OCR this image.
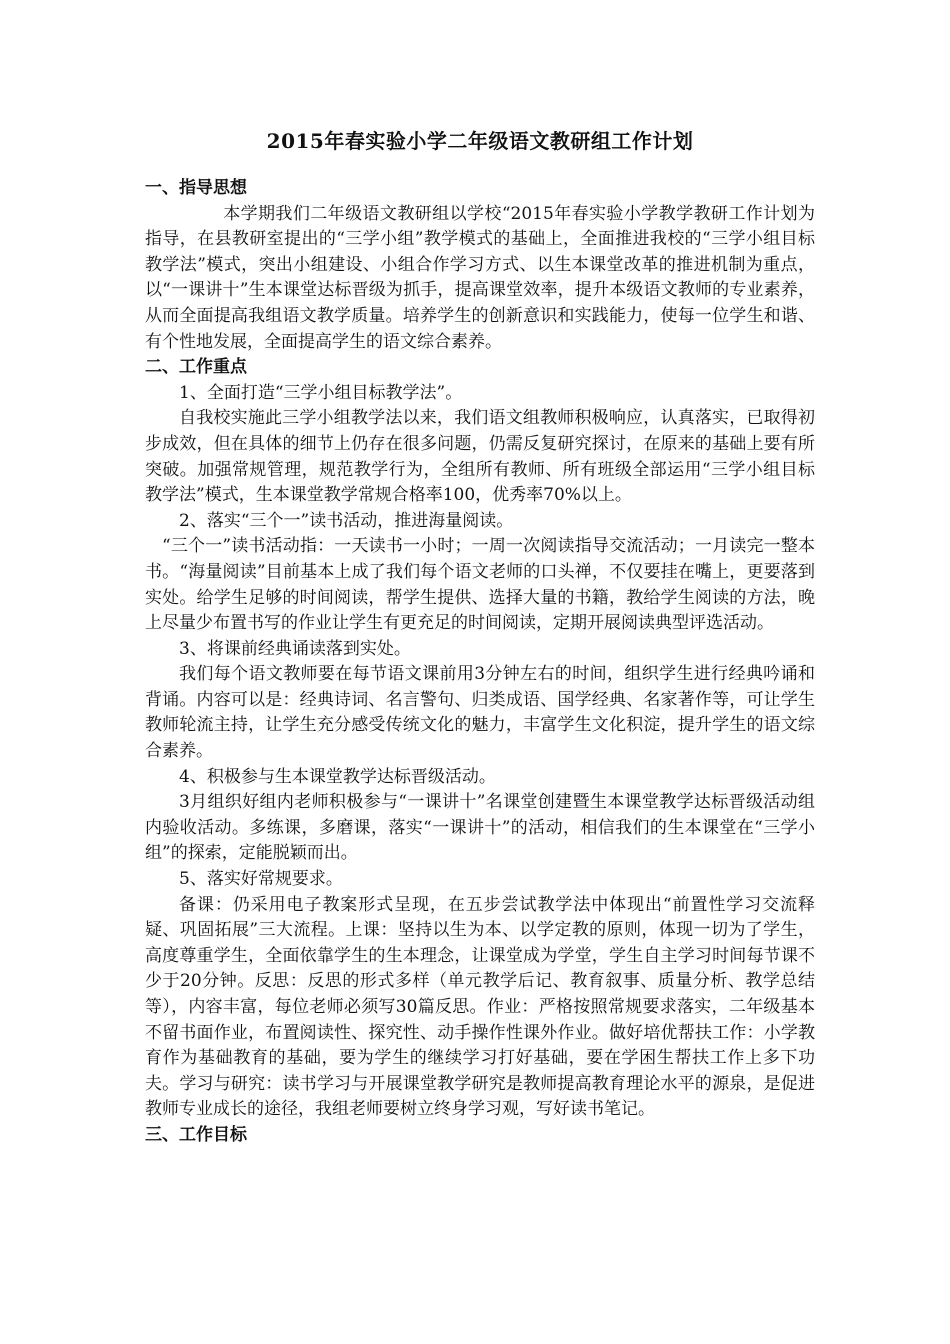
2015年春实验小学二年级语文教研组工作计划

一、指导思想

本学期我们二年级语文教研组以学校“2015年春实验小学教学教研工作计划为指导，在县教研室提出的“三学小组”教学模式的基础上，全面推进我校的“三学小组目标教学法”模式，突出小组建设、小组合作学习方式、以生本课堂改革的推进机制为重点，以“一课讲十”生本课堂达标晋级为抓手，提高课堂效率，提升本级语文教师的专业素养，从而全面提高我组语文教学质量。培养学生的创新意识和实践能力，使每一位学生和谐、有个性地发展，全面提高学生的语文综合素养。

二、工作重点

1、全面打造“三学小组目标教学法”。

自我校实施此三学小组教学法以来，我们语文组教师积极响应，认真落实，已取得初步成效，但在具体的细节上仍存在很多问题，仍需反复研究探讨，在原来的基础上要有所突破。加强常规管理，规范教学行为，全组所有教师、所有班级全部运用“三学小组目标教学法”模式，生本课堂教学常规合格率100，优秀率70%以上。

2、落实“三个一”读书活动，推进海量阅读。

“三个一”读书活动指：一天读书一小时；一周一次阅读指导交流活动；一月读完一整本书。“海量阅读”目前基本上成了我们每个语文老师的口头禅，不仅要挂在嘴上，更要落到实处。给学生足够的时间阅读，帮学生提供、选择大量的书籍，教给学生阅读的方法，晚上尽量少布置书写的作业让学生有更充足的时间阅读，定期开展阅读典型评选活动。

3、将课前经典诵读落到实处。

我们每个语文教师要在每节语文课前用3分钟左右的时间，组织学生进行经典吟诵和背诵。内容可以是：经典诗词、名言警句、归类成语、国学经典、名家著作等，可让学生教师轮流主持，让学生充分感受传统文化的魅力，丰富学生文化积淀，提升学生的语文综合素养。

4、积极参与生本课堂教学达标晋级活动。

3月组织好组内老师积极参与“一课讲十”名课堂创建暨生本课堂教学达标晋级活动组内验收活动。多练课，多磨课，落实“一课讲十”的活动，相信我们的生本课堂在“三学小组”的探索，定能脱颖而出。

5、落实好常规要求。

备课：仍采用电子教案形式呈现，在五步尝试教学法中体现出“前置性学习交流释疑、巩固拓展”三大流程。上课：坚持以生为本、以学定教的原则，体现一切为了学生，高度尊重学生，全面依靠学生的生本理念，让课堂成为学堂，学生自主学习时间每节课不少于20分钟。反思：反思的形式多样（单元教学后记、教育叙事、质量分析、教学总结等），内容丰富，每位老师必须写30篇反思。作业：严格按照常规要求落实，二年级基本不留书面作业，布置阅读性、探究性、动手操作性课外作业。做好培优帮扶工作：小学教育作为基础教育的基础，要为学生的继续学习打好基础，要在学困生帮扶工作上多下功夫。学习与研究：读书学习与开展课堂教学研究是教师提高教育理论水平的源泉，是促进教师专业成长的途径，我组老师要树立终身学习观，写好读书笔记。

三、工作目标
